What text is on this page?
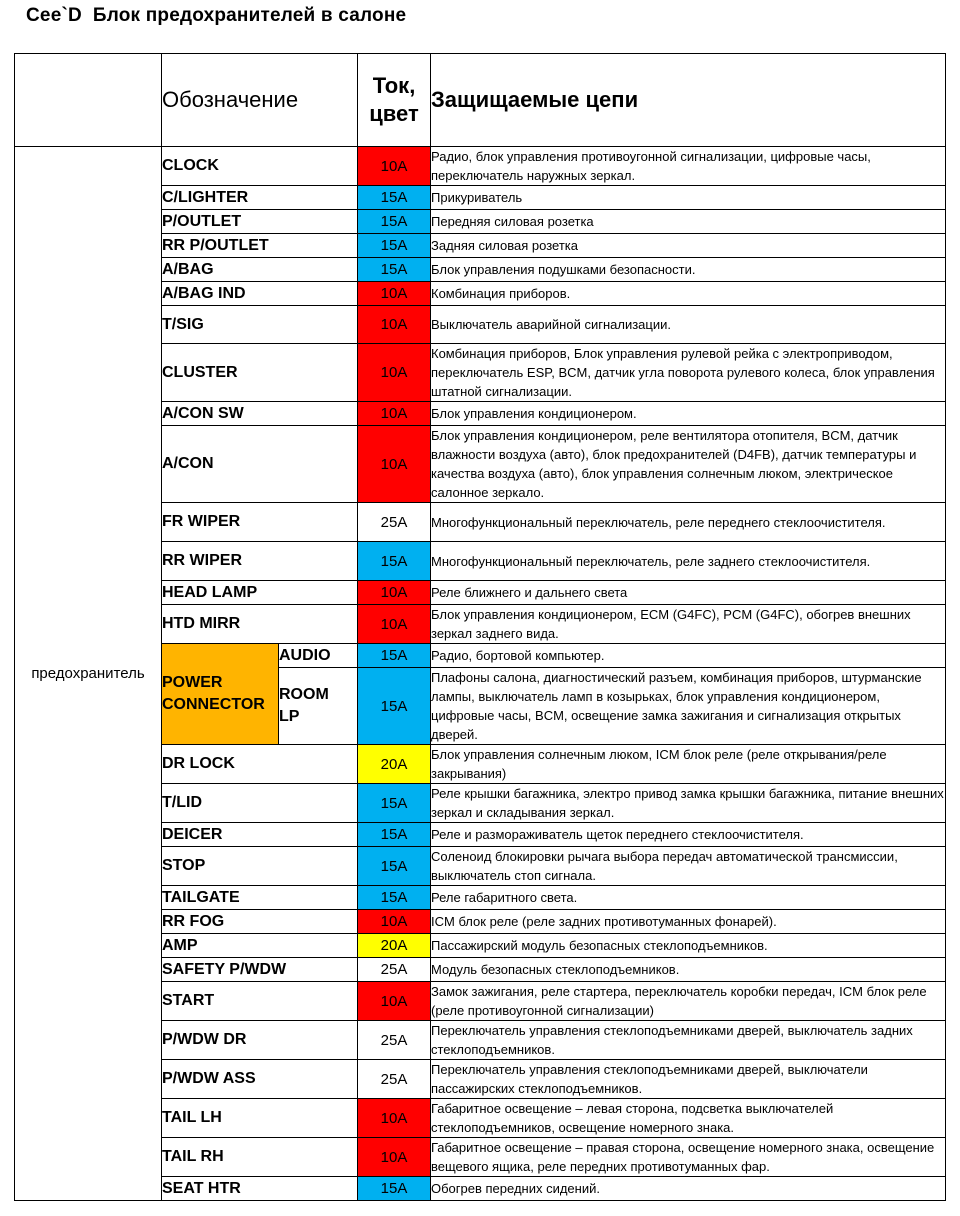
Cee`D  Блок предохранителей в салоне
	Обозначение		Ток,
цвет	Защищаемые цепи
предохранитель	CLOCK		10A	Радио, блок управления противоугонной сигнализации, цифровые часы, переключатель наружных зеркал.
	C/LIGHTER		15A	Прикуриватель
	P/OUTLET		15A	Передняя силовая розетка
	RR P/OUTLET		15A	Задняя силовая розетка
	A/BAG		15A	Блок управления подушками безопасности.
	A/BAG IND		10A	Комбинация приборов.
	T/SIG		10A	Выключатель аварийной сигнализации.
	CLUSTER		10A	Комбинация приборов, Блок управления рулевой рейка с электроприводом, переключатель ESP, BCM, датчик угла поворота рулевого колеса, блок управления штатной сигнализации.
	A/CON SW		10A	Блок управления кондиционером.
	A/CON		10A	Блок управления кондиционером, реле вентилятора отопителя, BCM, датчик влажности воздуха (авто), блок предохранителей (D4FB), датчик температуры и качества воздуха (авто), блок управления солнечным люком, электрическое салонное зеркало.
	FR WIPER		25A	Многофункциональный переключатель, реле переднего стеклоочистителя.
	RR WIPER		15A	Многофункциональный переключатель, реле заднего стеклоочистителя.
	HEAD LAMP		10A	Реле ближнего и дальнего света
	HTD MIRR		10A	Блок управления кондиционером, ECM (G4FC), PCM (G4FC), обогрев внешних зеркал заднего вида.
	POWER
CONNECTOR	AUDIO	15A	Радио, бортовой компьютер.
		ROOM
LP	15A	Плафоны салона, диагностический разъем, комбинация приборов, штурманские лампы, выключатель ламп в козырьках, блок управления кондиционером, цифровые часы, BCM, освещение замка зажигания и сигнализация открытых дверей.
	DR LOCK		20A	Блок управления солнечным люком, ICM блок реле (реле открывания/реле закрывания)
	T/LID		15A	Реле крышки багажника, электро привод замка крышки багажника, питание внешних зеркал и складывания зеркал.
	DEICER		15A	Реле и размораживатель щеток переднего стеклоочистителя.
	STOP		15A	Соленоид блокировки рычага выбора передач автоматической трансмиссии, выключатель стоп сигнала.
	TAILGATE		15A	Реле габаритного света.
	RR FOG		10A	ICM блок реле (реле задних противотуманных фонарей).
	AMP		20A	Пассажирский модуль безопасных стеклоподъемников.
	SAFETY P/WDW		25A	Модуль безопасных стеклоподъемников.
	START		10A	Замок зажигания, реле стартера, переключатель коробки передач, ICM блок реле (реле противоугонной сигнализации)
	P/WDW DR		25A	Переключатель управления стеклоподъемниками дверей, выключатель задних стеклоподъемников.
	P/WDW ASS		25A	Переключатель управления стеклоподъемниками дверей, выключатели пассажирских стеклоподъемников.
	TAIL LH		10A	Габаритное освещение – левая сторона, подсветка выключателей стеклоподъемников, освещение номерного знака.
	TAIL RH		10A	Габаритное освещение – правая сторона, освещение номерного знака, освещение вещевого ящика, реле передних противотуманных фар.
	SEAT HTR		15A	Обогрев передних сидений.
